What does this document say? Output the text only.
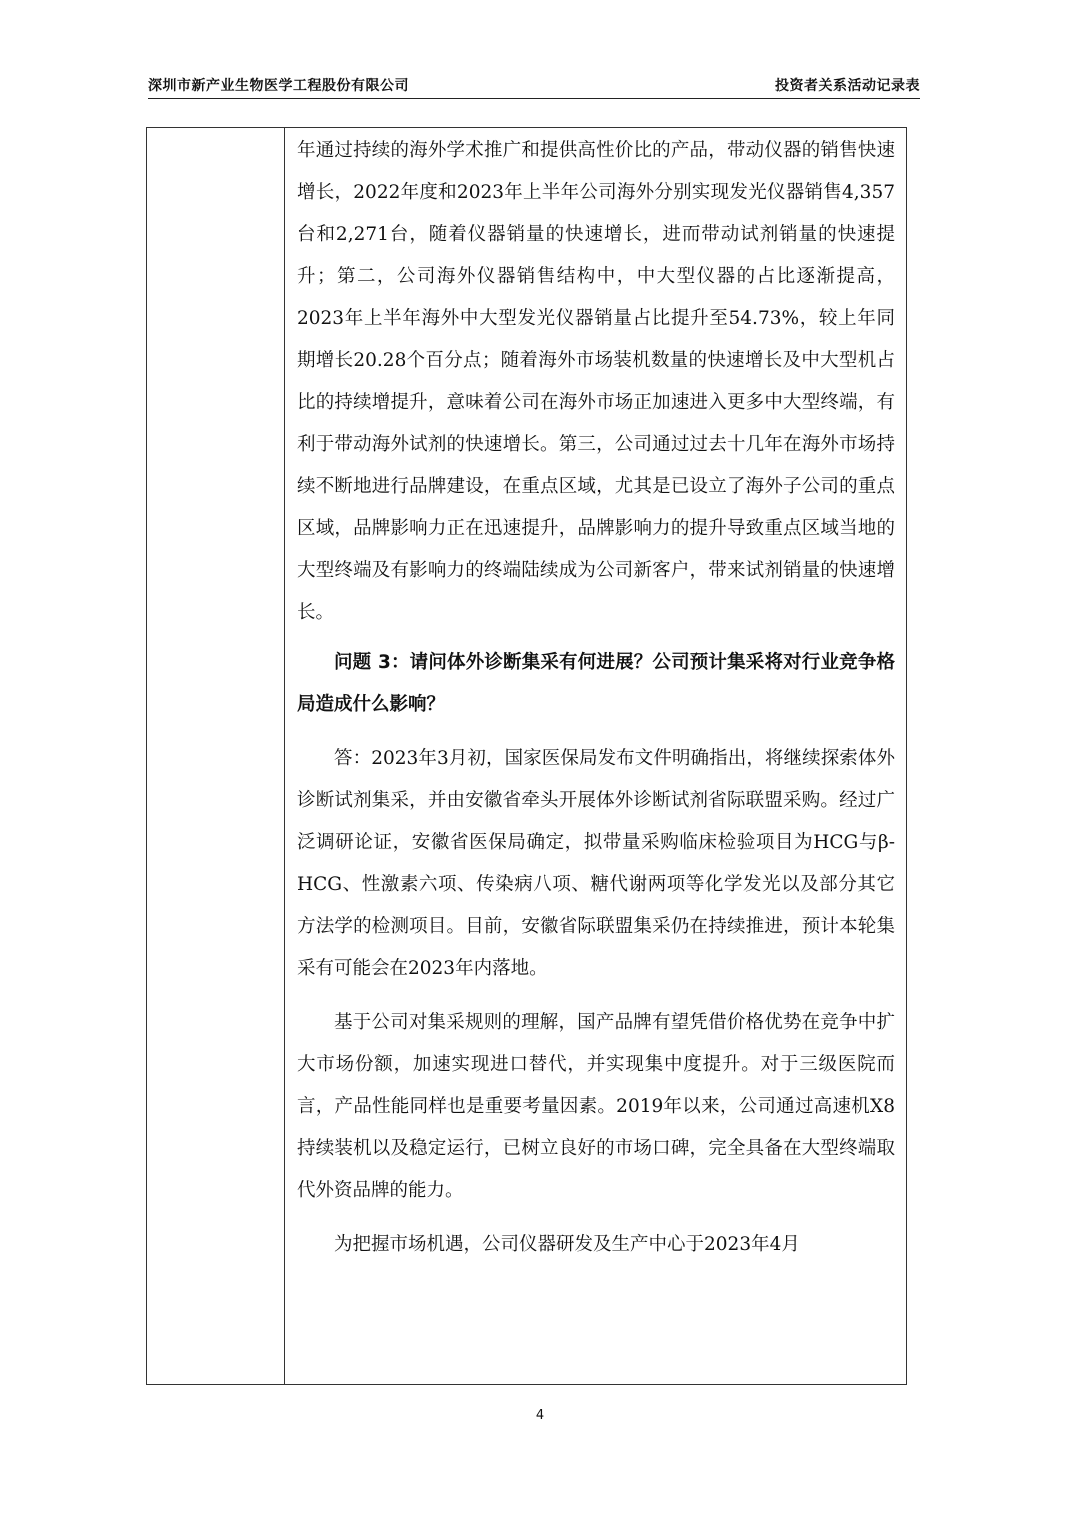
深圳市新产业生物医学工程股份有限公司	投资者关系活动记录表

年通过持续的海外学术推广和提供高性价比的产品，带动仪器的销售快速增长，2022年度和2023年上半年公司海外分别实现发光仪器销售4,357台和2,271台，随着仪器销量的快速增长，进而带动试剂销量的快速提升；第二，公司海外仪器销售结构中，中大型仪器的占比逐渐提高，2023年上半年海外中大型发光仪器销量占比提升至54.73%，较上年同期增长20.28个百分点；随着海外市场装机数量的快速增长及中大型机占比的持续增提升，意味着公司在海外市场正加速进入更多中大型终端，有利于带动海外试剂的快速增长。第三，公司通过过去十几年在海外市场持续不断地进行品牌建设，在重点区域，尤其是已设立了海外子公司的重点区域，品牌影响力正在迅速提升，品牌影响力的提升导致重点区域当地的大型终端及有影响力的终端陆续成为公司新客户，带来试剂销量的快速增长。

问题 3：请问体外诊断集采有何进展？公司预计集采将对行业竞争格局造成什么影响？

答：2023年3月初，国家医保局发布文件明确指出，将继续探索体外诊断试剂集采，并由安徽省牵头开展体外诊断试剂省际联盟采购。经过广泛调研论证，安徽省医保局确定，拟带量采购临床检验项目为HCG与β-HCG、性激素六项、传染病八项、糖代谢两项等化学发光以及部分其它方法学的检测项目。目前，安徽省际联盟集采仍在持续推进，预计本轮集采有可能会在2023年内落地。

基于公司对集采规则的理解，国产品牌有望凭借价格优势在竞争中扩大市场份额，加速实现进口替代，并实现集中度提升。对于三级医院而言，产品性能同样也是重要考量因素。2019年以来，公司通过高速机X8持续装机以及稳定运行，已树立良好的市场口碑，完全具备在大型终端取代外资品牌的能力。

为把握市场机遇，公司仪器研发及生产中心于2023年4月

4
